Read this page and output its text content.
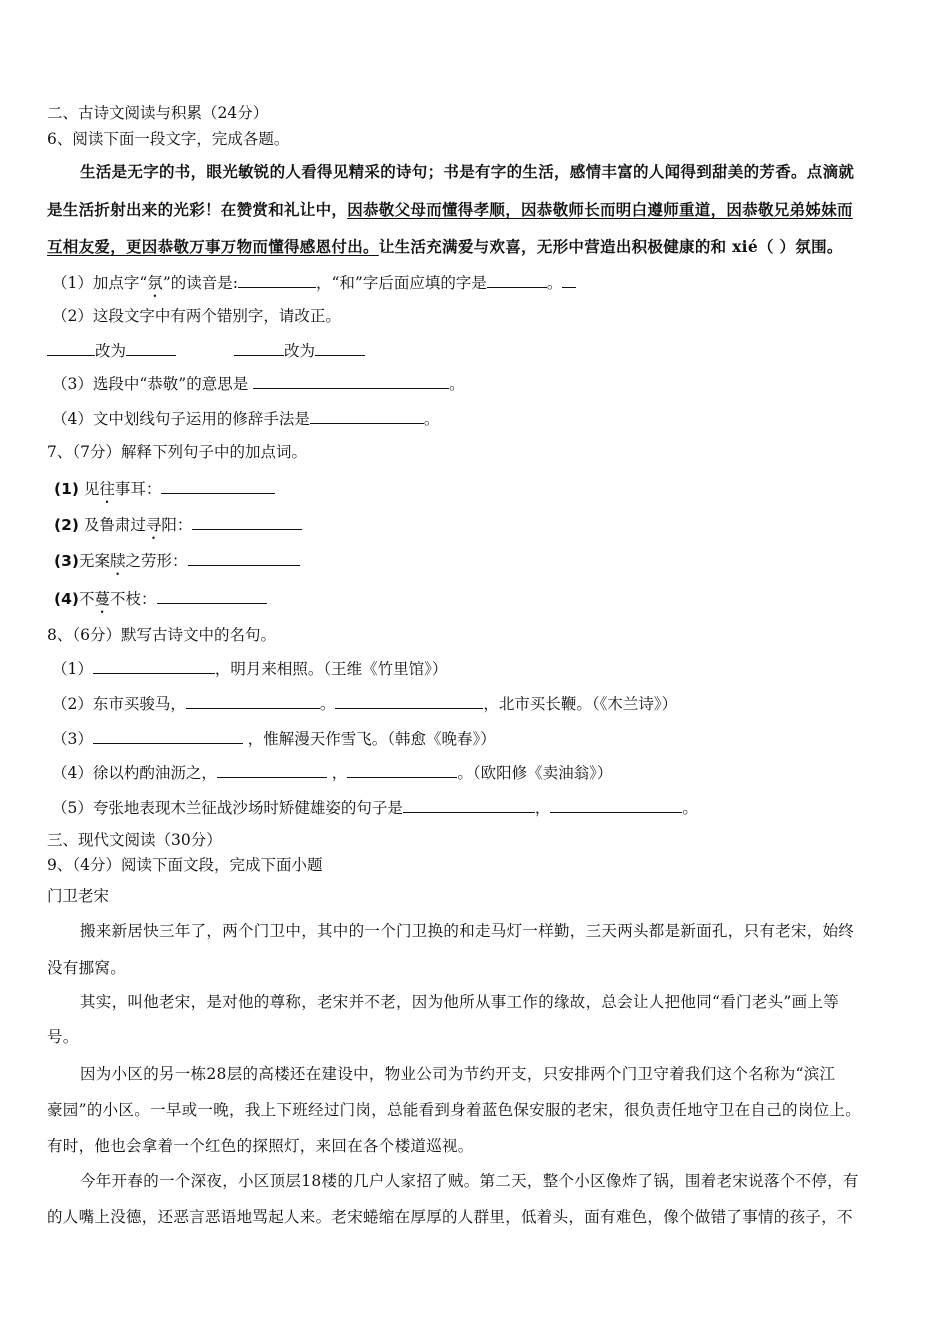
二、古诗文阅读与积累（24分）
6、阅读下面一段文字，完成各题。
生活是无字的书，眼光敏锐的人看得见精采的诗句；书是有字的生活，感情丰富的人闻得到甜美的芳香。点滴就
是生活折射出来的光彩！在赞赏和礼让中，因恭敬父母而懂得孝顺，因恭敬师长而明白遵师重道，因恭敬兄弟姊妹而
互相友爱，更因恭敬万事万物而懂得感恩付出。让生活充满爱与欢喜，无形中营造出积极健康的和 xié（ ）氛围。
（1）加点字“氛”的读音是:	，“和”字后面应填的字是	。
（2）这段文字中有两个错别字，请改正。
改为	改为
（3）选段中“恭敬”的意思是	。
（4）文中划线句子运用的修辞手法是	。
7、（7分）解释下列句子中的加点词。
(1) 见往事耳：
(2) 及鲁肃过寻阳：
(3)无案牍之劳形：
(4)不蔓不枝：
8、（6分）默写古诗文中的名句。
（1）	，明月来相照。（王维《竹里馆》）
（2）东市买骏马，	。	，北市买长鞭。（《木兰诗》）
（3）	，惟解漫天作雪飞。（韩愈《晚春》）
（4）徐以杓酌油沥之，	，	。（欧阳修《卖油翁》）
（5）夸张地表现木兰征战沙场时矫健雄姿的句子是	，	。
三、现代文阅读（30分）
9、（4分）阅读下面文段，完成下面小题
门卫老宋
搬来新居快三年了，两个门卫中，其中的一个门卫换的和走马灯一样勤，三天两头都是新面孔，只有老宋，始终
没有挪窝。
其实，叫他老宋，是对他的尊称，老宋并不老，因为他所从事工作的缘故，总会让人把他同“看门老头”画上等
号。
因为小区的另一栋28层的高楼还在建设中，物业公司为节约开支，只安排两个门卫守着我们这个名称为“滨江
豪园”的小区。一早或一晚，我上下班经过门岗，总能看到身着蓝色保安服的老宋，很负责任地守卫在自己的岗位上。
有时，他也会拿着一个红色的探照灯，来回在各个楼道巡视。
今年开春的一个深夜，小区顶层18楼的几户人家招了贼。第二天，整个小区像炸了锅，围着老宋说落个不停，有
的人嘴上没德，还恶言恶语地骂起人来。老宋蜷缩在厚厚的人群里，低着头，面有难色，像个做错了事情的孩子，不
